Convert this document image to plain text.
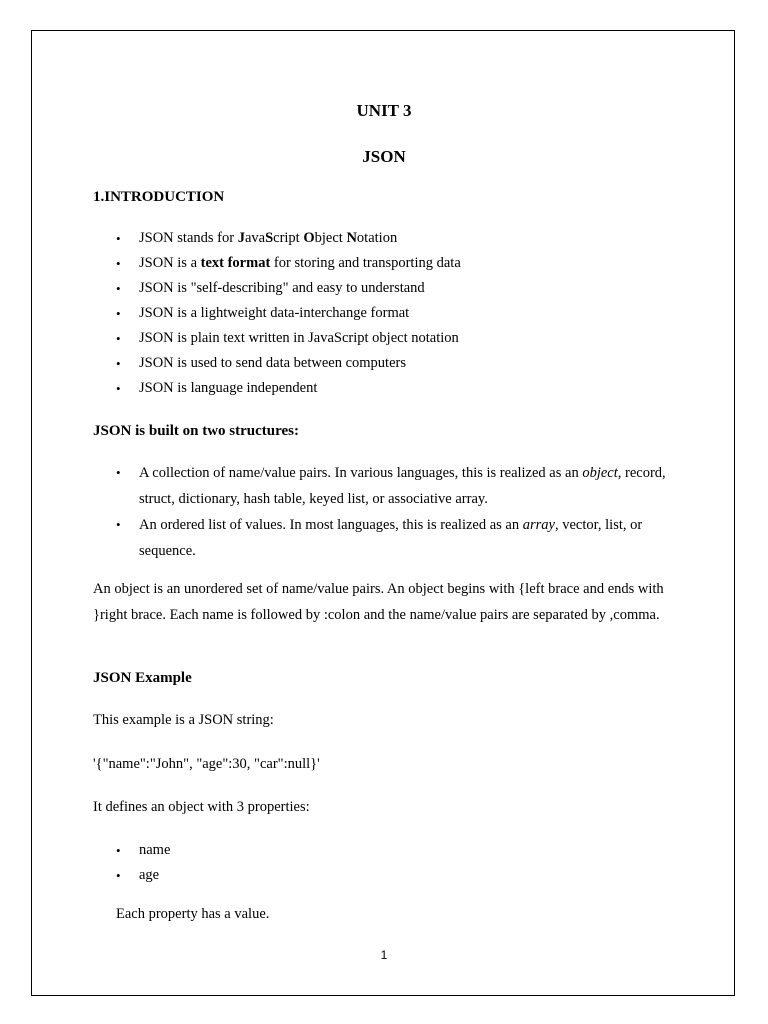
UNIT 3
JSON
1.INTRODUCTION
• JSON stands for JavaScript Object Notation
• JSON is a text format for storing and transporting data
• JSON is "self-describing" and easy to understand
• JSON is a lightweight data-interchange format
• JSON is plain text written in JavaScript object notation
• JSON is used to send data between computers
• JSON is language independent
JSON is built on two structures:
• A collection of name/value pairs. In various languages, this is realized as an object, record, struct, dictionary, hash table, keyed list, or associative array.
• An ordered list of values. In most languages, this is realized as an array, vector, list, or sequence.
An object is an unordered set of name/value pairs. An object begins with {left brace and ends with }right brace. Each name is followed by :colon and the name/value pairs are separated by ,comma.
JSON Example
This example is a JSON string:
'{"name":"John", "age":30, "car":null}'
It defines an object with 3 properties:
• name
• age
Each property has a value.
1
